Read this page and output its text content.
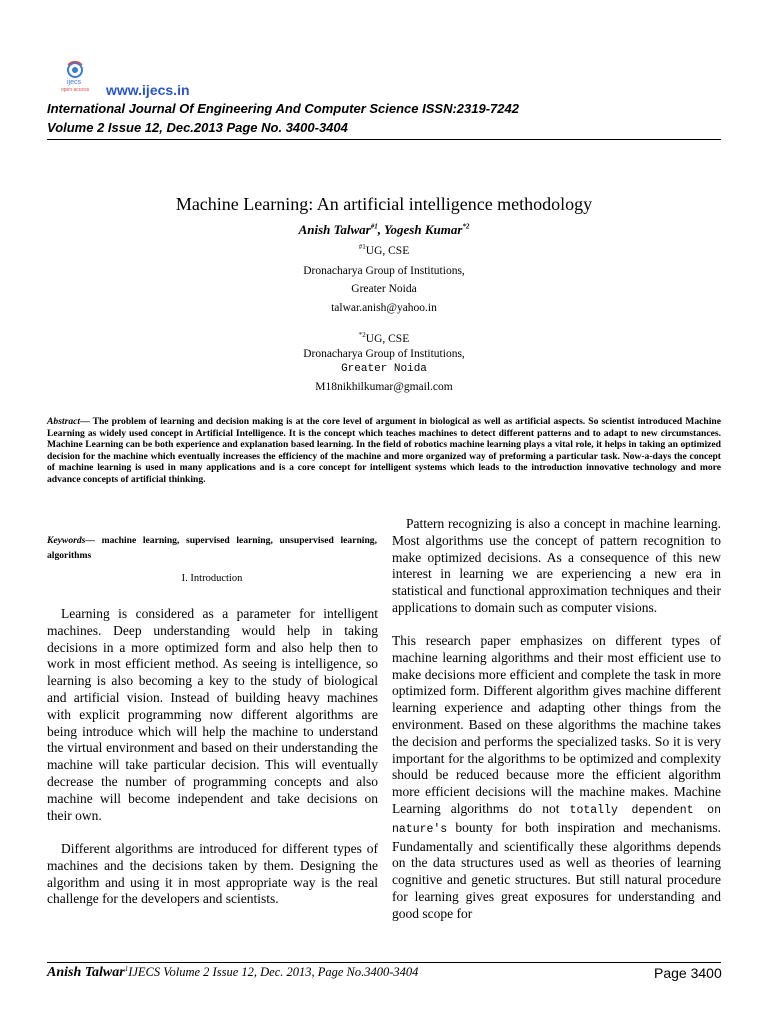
ijecs
open access www.ijecs.in
International Journal Of Engineering And Computer Science ISSN:2319-7242
Volume 2 Issue 12, Dec.2013 Page No. 3400-3404
Machine Learning: An artificial intelligence methodology
Anish Talwar$^{\#1}$, Yogesh Kumar$^{*2}$
$^{\#1}$UG, CSE
Dronacharya Group of Institutions,
Greater Noida
talwar.anish@yahoo.in
$^{*2}$UG, CSE
Dronacharya Group of Institutions,
Greater Noida
M18nikhilkumar@gmail.com

Abstract— The problem of learning and decision making is at the core level of argument in biological as well as artificial aspects. So scientist introduced Machine Learning as widely used concept in Artificial Intelligence. It is the concept which teaches machines to detect different patterns and to adapt to new circumstances. Machine Learning can be both experience and explanation based learning. In the field of robotics machine learning plays a vital role, it helps in taking an optimized decision for the machine which eventually increases the efficiency of the machine and more organized way of preforming a particular task. Now-a-days the concept of machine learning is used in many applications and is a core concept for intelligent systems which leads to the introduction innovative technology and more advance concepts of artificial thinking.

Keywords— machine learning, supervised learning, unsupervised learning, algorithms

I. Introduction

Learning is considered as a parameter for intelligent machines. Deep understanding would help in taking decisions in a more optimized form and also help then to work in most efficient method. As seeing is intelligence, so learning is also becoming a key to the study of biological and artificial vision. Instead of building heavy machines with explicit programming now different algorithms are being introduce which will help the machine to understand the virtual environment and based on their understanding the machine will take particular decision. This will eventually decrease the number of programming concepts and also machine will become independent and take decisions on their own.

Different algorithms are introduced for different types of machines and the decisions taken by them. Designing the algorithm and using it in most appropriate way is the real challenge for the developers and scientists.

Pattern recognizing is also a concept in machine learning. Most algorithms use the concept of pattern recognition to make optimized decisions. As a consequence of this new interest in learning we are experiencing a new era in statistical and functional approximation techniques and their applications to domain such as computer visions.

This research paper emphasizes on different types of machine learning algorithms and their most efficient use to make decisions more efficient and complete the task in more optimized form. Different algorithm gives machine different learning experience and adapting other things from the environment. Based on these algorithms the machine takes the decision and performs the specialized tasks. So it is very important for the algorithms to be optimized and complexity should be reduced because more the efficient algorithm more efficient decisions will the machine makes. Machine Learning algorithms do not totally dependent on nature's bounty for both inspiration and mechanisms. Fundamentally and scientifically these algorithms depends on the data structures used as well as theories of learning cognitive and genetic structures. But still natural procedure for learning gives great exposures for understanding and good scope for

Anish Talwar$^1$IJECS Volume 2 Issue 12, Dec. 2013, Page No.3400-3404	Page 3400
